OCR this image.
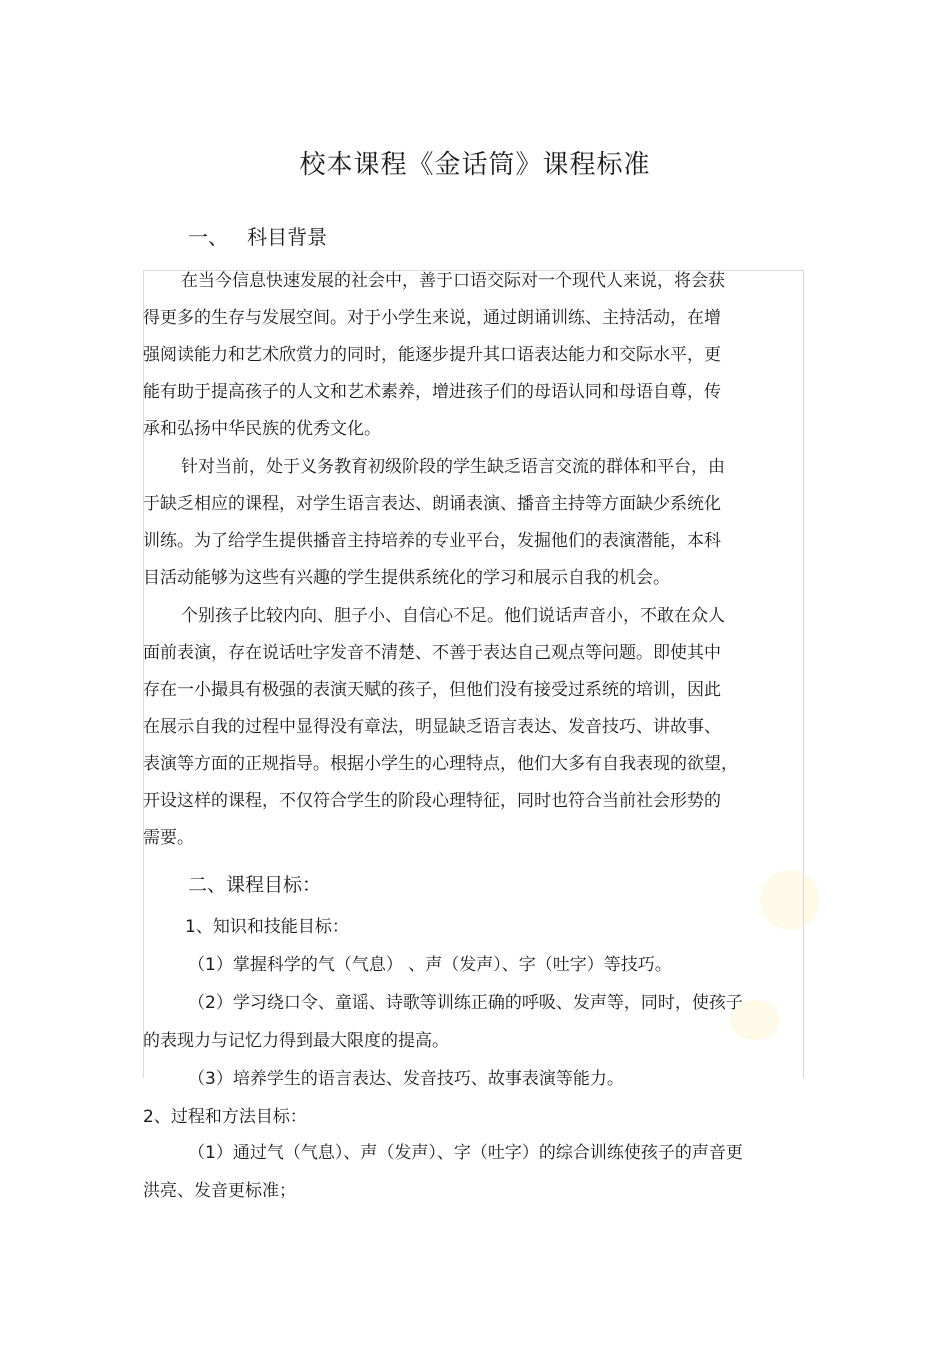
校本课程《金话筒》课程标准
一、   科目背景
在当今信息快速发展的社会中，善于口语交际对一个现代人来说，将会获
得更多的生存与发展空间。对于小学生来说，通过朗诵训练、主持活动，在增
强阅读能力和艺术欣赏力的同时，能逐步提升其口语表达能力和交际水平，更
能有助于提高孩子的人文和艺术素养，增进孩子们的母语认同和母语自尊，传
承和弘扬中华民族的优秀文化。
针对当前，处于义务教育初级阶段的学生缺乏语言交流的群体和平台，由
于缺乏相应的课程，对学生语言表达、朗诵表演、播音主持等方面缺少系统化
训练。为了给学生提供播音主持培养的专业平台，发掘他们的表演潜能，本科
目活动能够为这些有兴趣的学生提供系统化的学习和展示自我的机会。
个别孩子比较内向、胆子小、自信心不足。他们说话声音小，不敢在众人
面前表演，存在说话吐字发音不清楚、不善于表达自己观点等问题。即使其中
存在一小撮具有极强的表演天赋的孩子，但他们没有接受过系统的培训，因此
在展示自我的过程中显得没有章法，明显缺乏语言表达、发音技巧、讲故事、
表演等方面的正规指导。根据小学生的心理特点，他们大多有自我表现的欲望，
开设这样的课程，不仅符合学生的阶段心理特征，同时也符合当前社会形势的
需要。
二、课程目标：
1、知识和技能目标：
（1）掌握科学的气（气息） 、声（发声）、字（吐字）等技巧。
（2）学习绕口令、童谣、诗歌等训练正确的呼吸、发声等，同时，使孩子
的表现力与记忆力得到最大限度的提高。
（3）培养学生的语言表达、发音技巧、故事表演等能力。
2、过程和方法目标：
（1）通过气（气息）、声（发声）、字（吐字）的综合训练使孩子的声音更
洪亮、发音更标准；
